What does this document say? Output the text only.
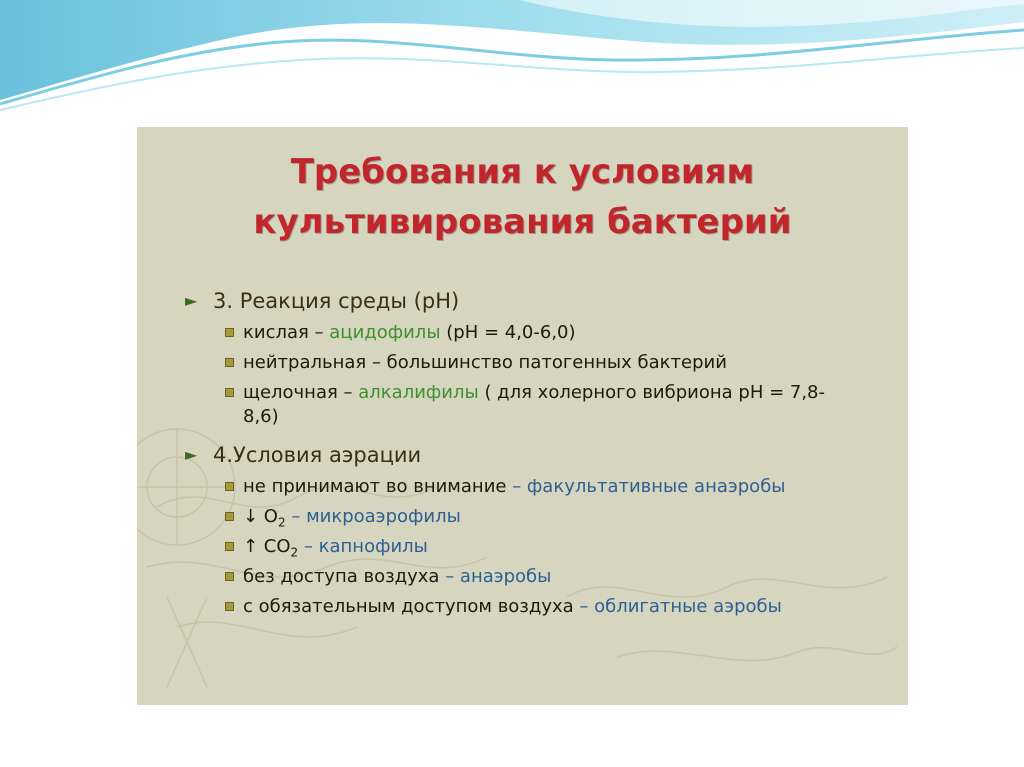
Требования к условиям
культивирования бактерий
► 3. Реакция среды (pH)
кислая – ацидофилы (pH = 4,0-6,0)
нейтральная – большинство патогенных бактерий
щелочная – алкалифилы ( для холерного вибриона pH = 7,8-8,6)
► 4.Условия аэрации
не принимают во внимание – факультативные анаэробы
↓ $O_2$ – микроаэрофилы
↑ $CO_2$ – капнофилы
без доступа воздуха – анаэробы
с обязательным доступом воздуха – облигатные аэробы
